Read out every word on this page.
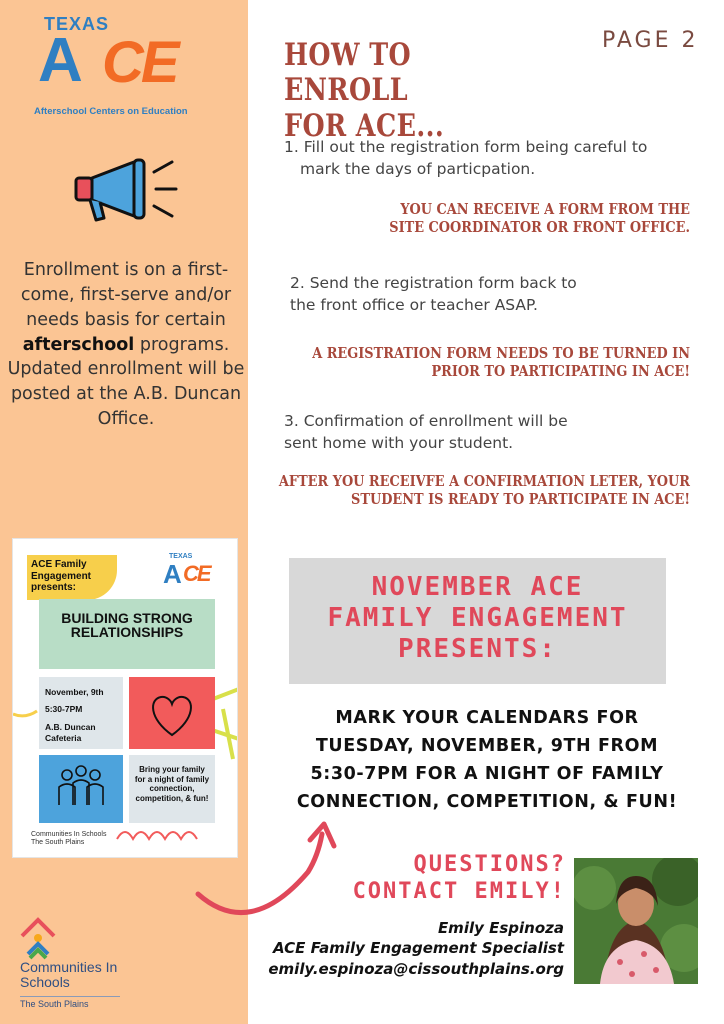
TEXAS
A CE
Afterschool Centers on Education
Enrollment is on a first-come, first-serve and/or needs basis for certain afterschool programs. Updated enrollment will be posted at the A.B. Duncan Office.
ACE Family Engagement presents:
TEXAS
A CE
BUILDING STRONG RELATIONSHIPS
November, 9th
5:30-7PM
A.B. Duncan Cafeteria
Bring your family for a night of family connection, competition, & fun!
Communities In Schools
The South Plains
Communities In Schools
The South Plains
PAGE 2
HOW TO ENROLL
FOR ACE...
1. Fill out the registration form being careful to
mark the days of particpation.
YOU CAN RECEIVE A FORM FROM THE
SITE COORDINATOR OR FRONT OFFICE.
2. Send the registration form back to
the front office or teacher ASAP.
A REGISTRATION FORM NEEDS TO BE TURNED IN
PRIOR TO PARTICIPATING IN ACE!
3. Confirmation of enrollment will be
sent home with your student.
AFTER YOU RECEIVFE A CONFIRMATION LETER, YOUR
STUDENT IS READY TO PARTICIPATE IN ACE!
NOVEMBER ACE
FAMILY ENGAGEMENT
PRESENTS:
MARK YOUR CALENDARS FOR
TUESDAY, NOVEMBER, 9TH FROM
5:30-7PM FOR A NIGHT OF FAMILY
CONNECTION, COMPETITION, & FUN!
QUESTIONS?
CONTACT EMILY!
Emily Espinoza
ACE Family Engagement Specialist
emily.espinoza@cissouthplains.org
